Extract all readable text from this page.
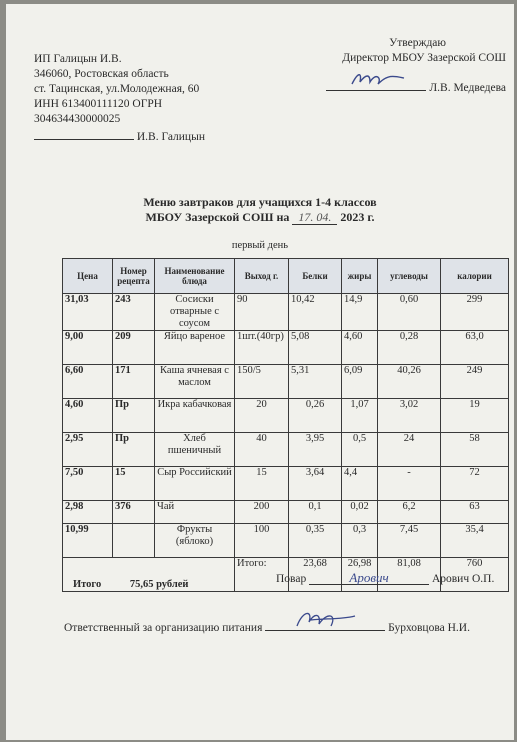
ИП Галицын И.В.
346060, Ростовская область
ст. Тацинская, ул.Молодежная, 60
ИНН 613400111120 ОГРН
304634430000025
И.В. Галицын
Утверждаю
Директор МБОУ Зазерской СОШ
Л.В. Медведева
Меню завтраков для учащихся 1-4 классов
МБОУ Зазерской СОШ на 17. 04. 2023 г.
первый день
Цена	Номер рецепта	Наименование блюда	Выход г.	Белки	жиры	углеводы	калории
31,03	243	Сосиски отварные с соусом	90	10,42	14,9	0,60	299
9,00	209	Яйцо вареное	1шт.(40гр)	5,08	4,60	0,28	63,0
6,60	171	Каша ячневая с маслом	150/5	5,31	6,09	40,26	249
4,60	Пр	Икра кабачковая	20	0,26	1,07	3,02	19
2,95	Пр	Хлеб пшеничный	40	3,95	0,5	24	58
7,50	15	Сыр Российский	15	3,64	4,4	-	72
2,98	376	Чай	200	0,1	0,02	6,2	63
10,99		Фрукты (яблоко)	100	0,35	0,3	7,45	35,4
Итого 75,65 рублей			Итого:	23,68	26,98	81,08	760
Повар	Арович	Арович О.П.
Ответственный за организацию питания	Бурховцова Н.И.
